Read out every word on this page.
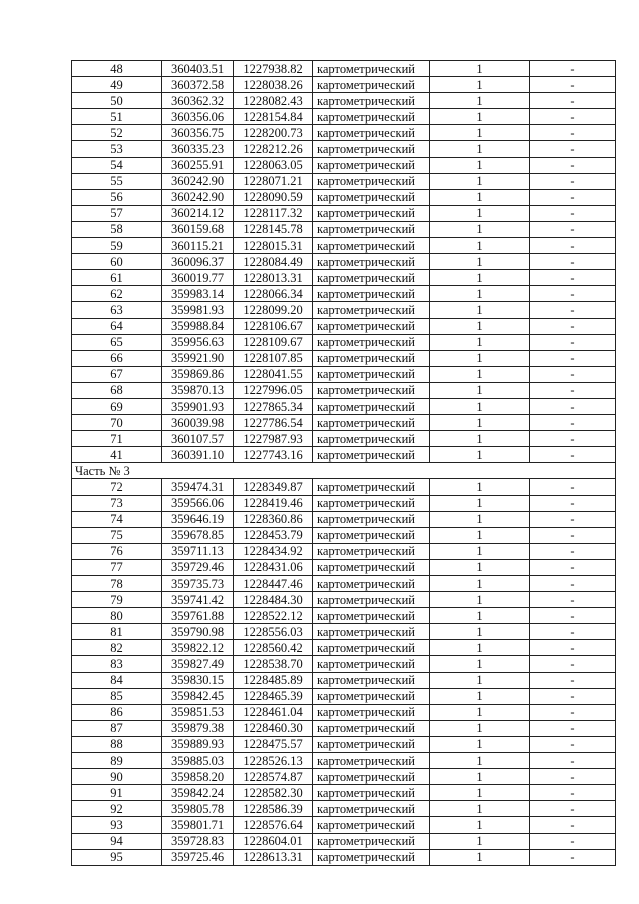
48	360403.51	1227938.82	картометрический	1	-
49	360372.58	1228038.26	картометрический	1	-
50	360362.32	1228082.43	картометрический	1	-
51	360356.06	1228154.84	картометрический	1	-
52	360356.75	1228200.73	картометрический	1	-
53	360335.23	1228212.26	картометрический	1	-
54	360255.91	1228063.05	картометрический	1	-
55	360242.90	1228071.21	картометрический	1	-
56	360242.90	1228090.59	картометрический	1	-
57	360214.12	1228117.32	картометрический	1	-
58	360159.68	1228145.78	картометрический	1	-
59	360115.21	1228015.31	картометрический	1	-
60	360096.37	1228084.49	картометрический	1	-
61	360019.77	1228013.31	картометрический	1	-
62	359983.14	1228066.34	картометрический	1	-
63	359981.93	1228099.20	картометрический	1	-
64	359988.84	1228106.67	картометрический	1	-
65	359956.63	1228109.67	картометрический	1	-
66	359921.90	1228107.85	картометрический	1	-
67	359869.86	1228041.55	картометрический	1	-
68	359870.13	1227996.05	картометрический	1	-
69	359901.93	1227865.34	картометрический	1	-
70	360039.98	1227786.54	картометрический	1	-
71	360107.57	1227987.93	картометрический	1	-
41	360391.10	1227743.16	картометрический	1	-
Часть № 3					
72	359474.31	1228349.87	картометрический	1	-
73	359566.06	1228419.46	картометрический	1	-
74	359646.19	1228360.86	картометрический	1	-
75	359678.85	1228453.79	картометрический	1	-
76	359711.13	1228434.92	картометрический	1	-
77	359729.46	1228431.06	картометрический	1	-
78	359735.73	1228447.46	картометрический	1	-
79	359741.42	1228484.30	картометрический	1	-
80	359761.88	1228522.12	картометрический	1	-
81	359790.98	1228556.03	картометрический	1	-
82	359822.12	1228560.42	картометрический	1	-
83	359827.49	1228538.70	картометрический	1	-
84	359830.15	1228485.89	картометрический	1	-
85	359842.45	1228465.39	картометрический	1	-
86	359851.53	1228461.04	картометрический	1	-
87	359879.38	1228460.30	картометрический	1	-
88	359889.93	1228475.57	картометрический	1	-
89	359885.03	1228526.13	картометрический	1	-
90	359858.20	1228574.87	картометрический	1	-
91	359842.24	1228582.30	картометрический	1	-
92	359805.78	1228586.39	картометрический	1	-
93	359801.71	1228576.64	картометрический	1	-
94	359728.83	1228604.01	картометрический	1	-
95	359725.46	1228613.31	картометрический	1	-
